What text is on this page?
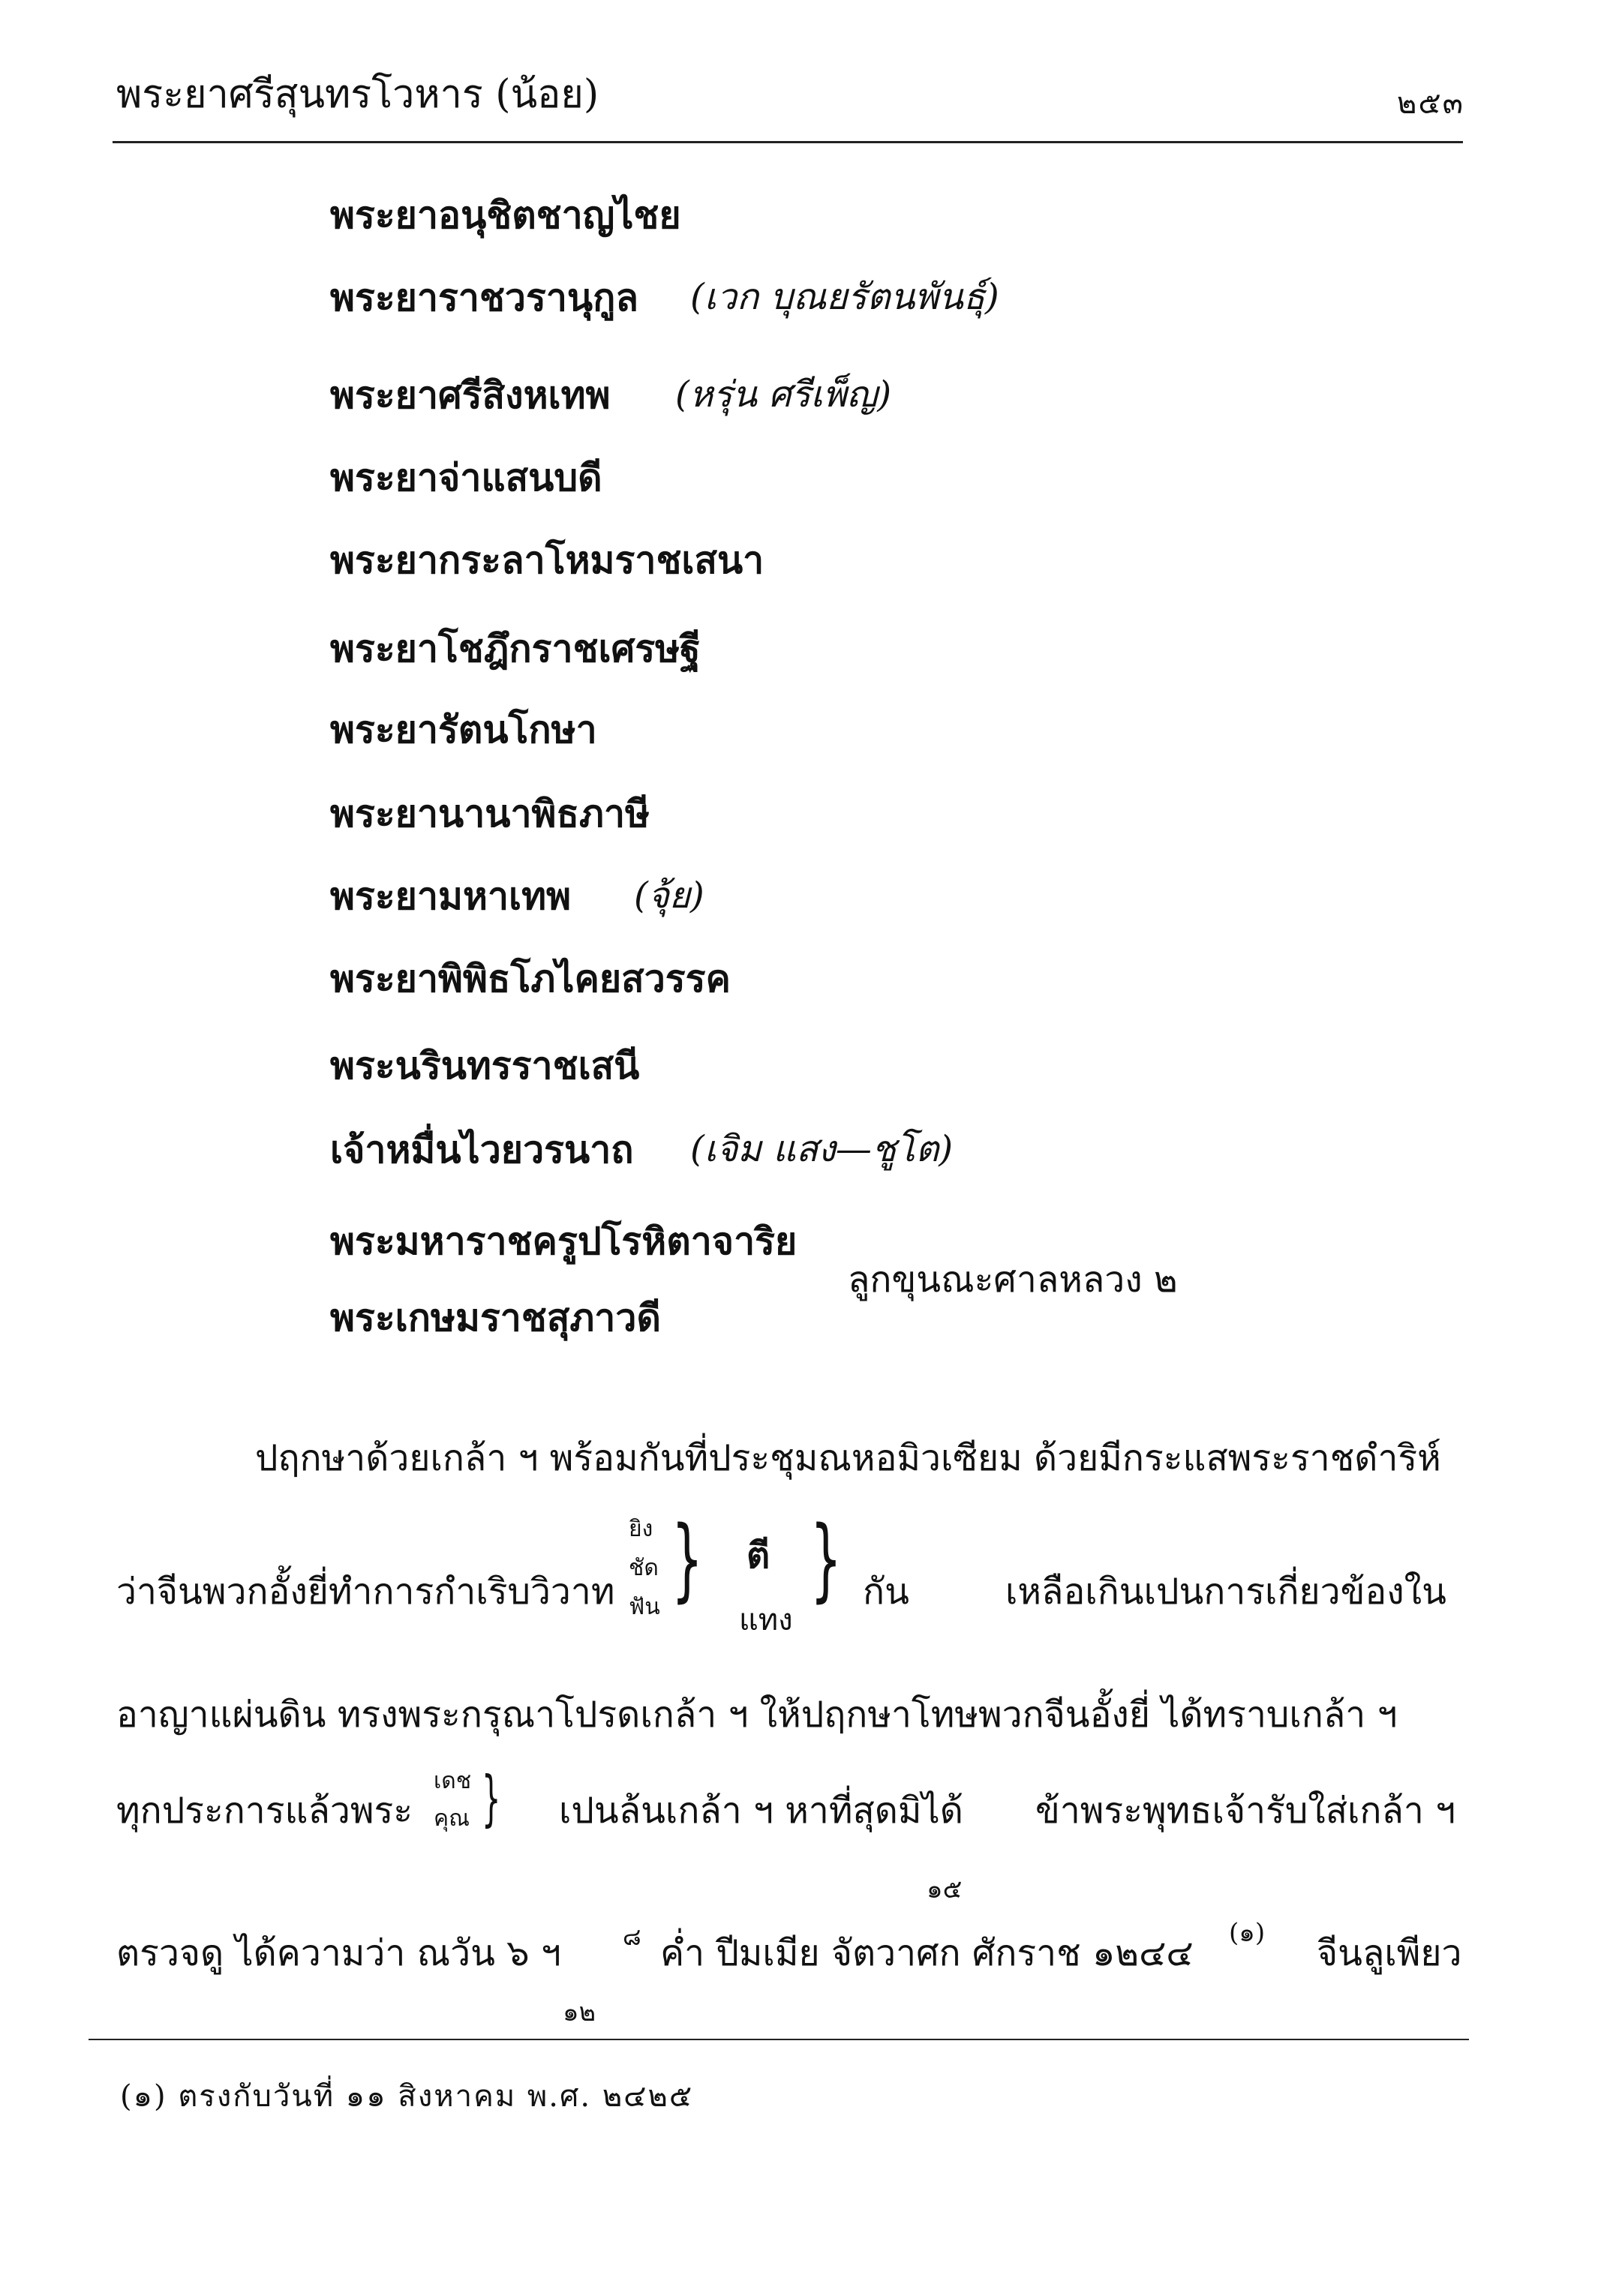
พระยาศรีสุนทรโวหาร (น้อย)	๒๕๓
พระยาอนุชิตชาญไชย
พระยาราชวรานุกูล (เวก บุณยรัตนพันธุ์)
พระยาศรีสิงหเทพ (หรุ่น ศรีเพ็ญ)
พระยาจ่าแสนบดี
พระยากระลาโหมราชเสนา
พระยาโชฎึกราชเศรษฐี
พระยารัตนโกษา
พระยานานาพิธภาษี
พระยามหาเทพ (จุ้ย)
พระยาพิพิธโภไคยสวรรค
พระนรินทรราชเสนี
เจ้าหมื่นไวยวรนาถ (เจิม แสง—ชูโต)
พระมหาราชครูปโรหิตาจาริย
พระเกษมราชสุภาวดี
ลูกขุนณะศาลหลวง ๒
ปฤกษาด้วยเกล้า ฯ พร้อมกันที่ประชุมณหอมิวเซียม ด้วยมีกระแสพระราชดำริห์
ว่าจีนพวกอั้งยี่ทำการกำเริบวิวาท
ยิง
ชัด
ฟัน } ตี
แทง
} กัน	เหลือเกินเปนการเกี่ยวข้องใน
อาญาแผ่นดิน ทรงพระกรุณาโปรดเกล้า ฯ ให้ปฤกษาโทษพวกจีนอั้งยี่ ได้ทราบเกล้า ฯ
ทุกประการแล้วพระ
เดช
คุณ } เปนล้นเกล้า ฯ หาที่สุดมิได้ ข้าพระพุทธเจ้ารับใส่เกล้า ฯ
๑๕
ตรวจดู ได้ความว่า ณวัน ๖ ฯ	๘ ค่ำ ปีมเมีย จัตวาศก ศักราช ๑๒๔๔ (๑) จีนลูเพียว
๑๒
(๑) ตรงกับวันที่ ๑๑ สิงหาคม พ.ศ. ๒๔๒๕
